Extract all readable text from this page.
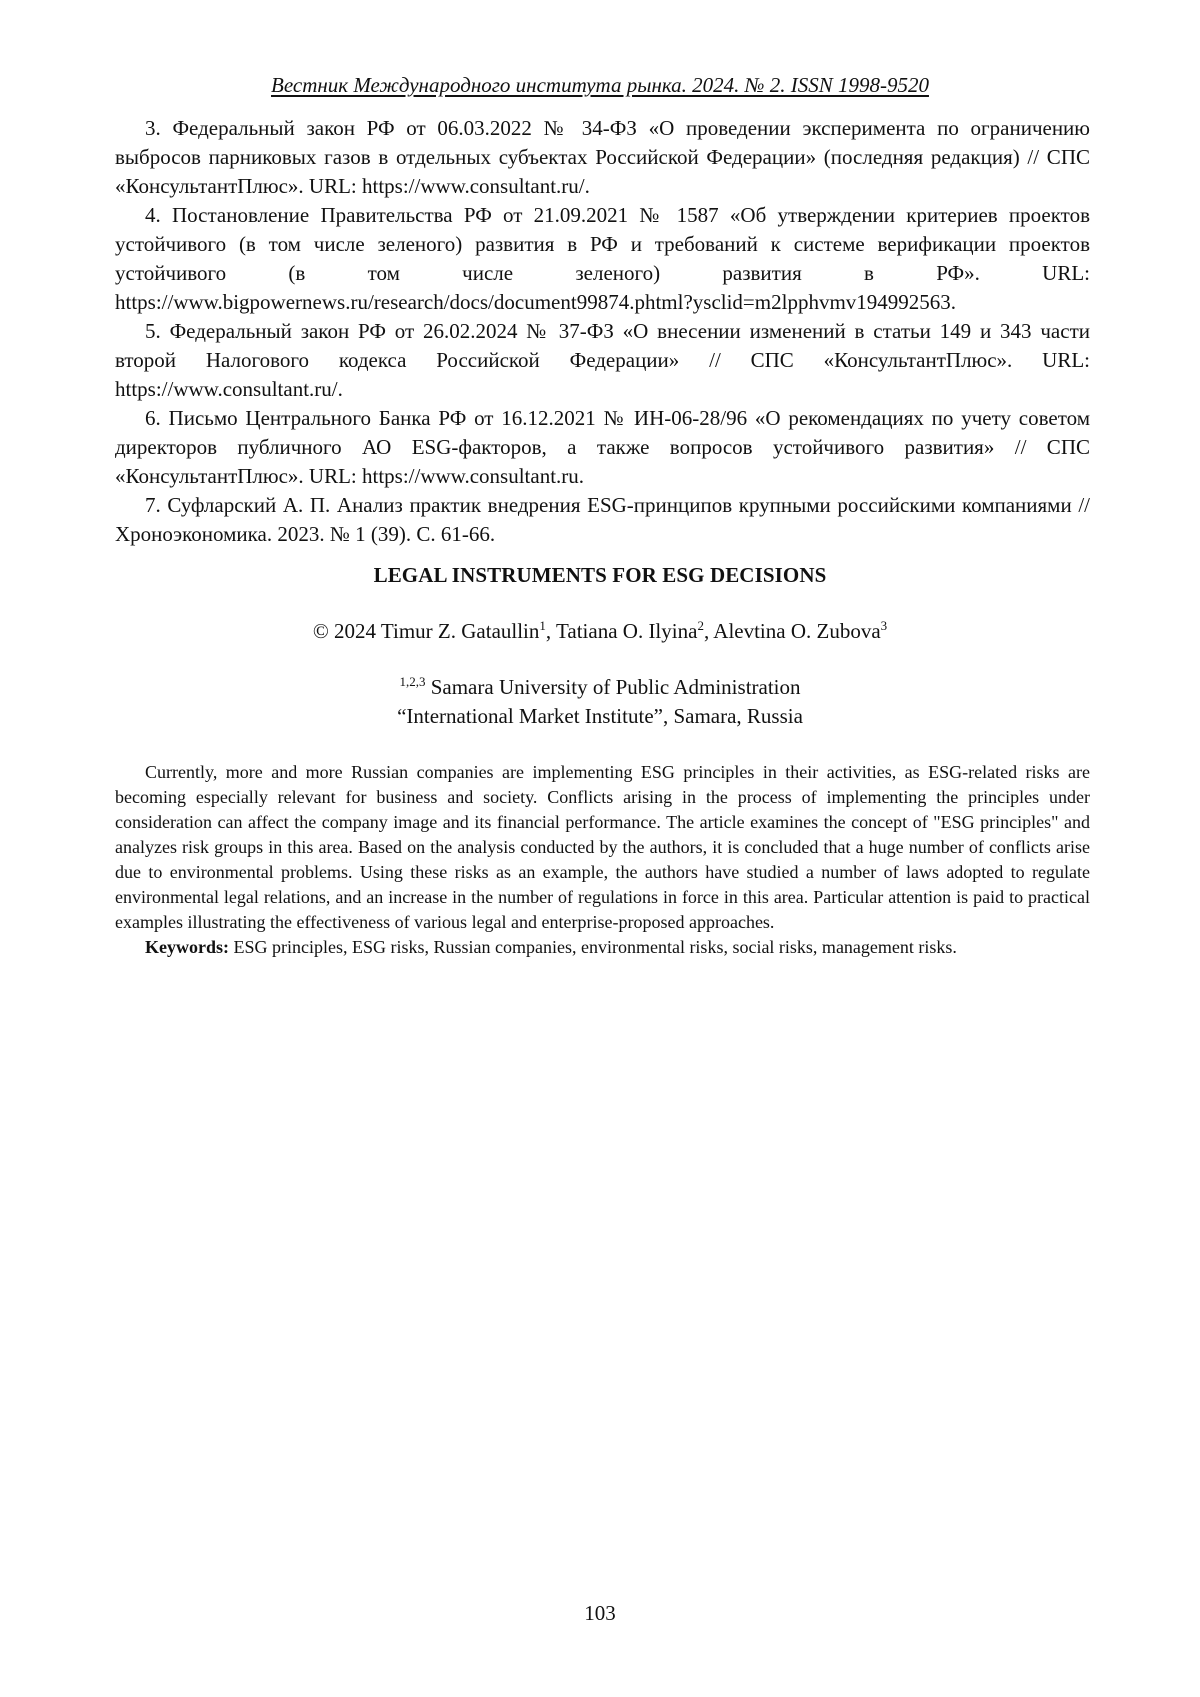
Вестник Международного института рынка. 2024. № 2. ISSN 1998-9520

3. Федеральный закон РФ от 06.03.2022 № 34-ФЗ «О проведении эксперимента по ограничению выбросов парниковых газов в отдельных субъектах Российской Федерации» (последняя редакция) // СПС «КонсультантПлюс». URL: https://www.consultant.ru/.

4. Постановление Правительства РФ от 21.09.2021 № 1587 «Об утверждении критериев проектов устойчивого (в том числе зеленого) развития в РФ и требований к системе верификации проектов устойчивого (в том числе зеленого) развития в РФ». URL: https://www.bigpowernews.ru/research/docs/document99874.phtml?ysclid=m2lpphvmv194992563.

5. Федеральный закон РФ от 26.02.2024 № 37-ФЗ «О внесении изменений в статьи 149 и 343 части второй Налогового кодекса Российской Федерации» // СПС «КонсультантПлюс». URL: https://www.consultant.ru/.

6. Письмо Центрального Банка РФ от 16.12.2021 № ИН-06-28/96 «О рекомендациях по учету советом директоров публичного АО ESG-факторов, а также вопросов устойчивого развития» // СПС «КонсультантПлюс». URL: https://www.consultant.ru.

7. Суфларский А. П. Анализ практик внедрения ESG-принципов крупными российскими компаниями // Хроноэкономика. 2023. № 1 (39). С. 61-66.

LEGAL INSTRUMENTS FOR ESG DECISIONS
© 2024 Timur Z. Gataullin$^1$, Tatiana O. Ilyina$^2$, Alevtina O. Zubova$^3$
$^{1,2,3}$ Samara University of Public Administration
“International Market Institute”, Samara, Russia

Currently, more and more Russian companies are implementing ESG principles in their activities, as ESG-related risks are becoming especially relevant for business and society. Conflicts arising in the process of implementing the principles under consideration can affect the company image and its financial performance. The article examines the concept of "ESG principles" and analyzes risk groups in this area. Based on the analysis conducted by the authors, it is concluded that a huge number of conflicts arise due to environmental problems. Using these risks as an example, the authors have studied a number of laws adopted to regulate environmental legal relations, and an increase in the number of regulations in force in this area. Particular attention is paid to practical examples illustrating the effectiveness of various legal and enterprise-proposed approaches.

Keywords: ESG principles, ESG risks, Russian companies, environmental risks, social risks, management risks.

103
